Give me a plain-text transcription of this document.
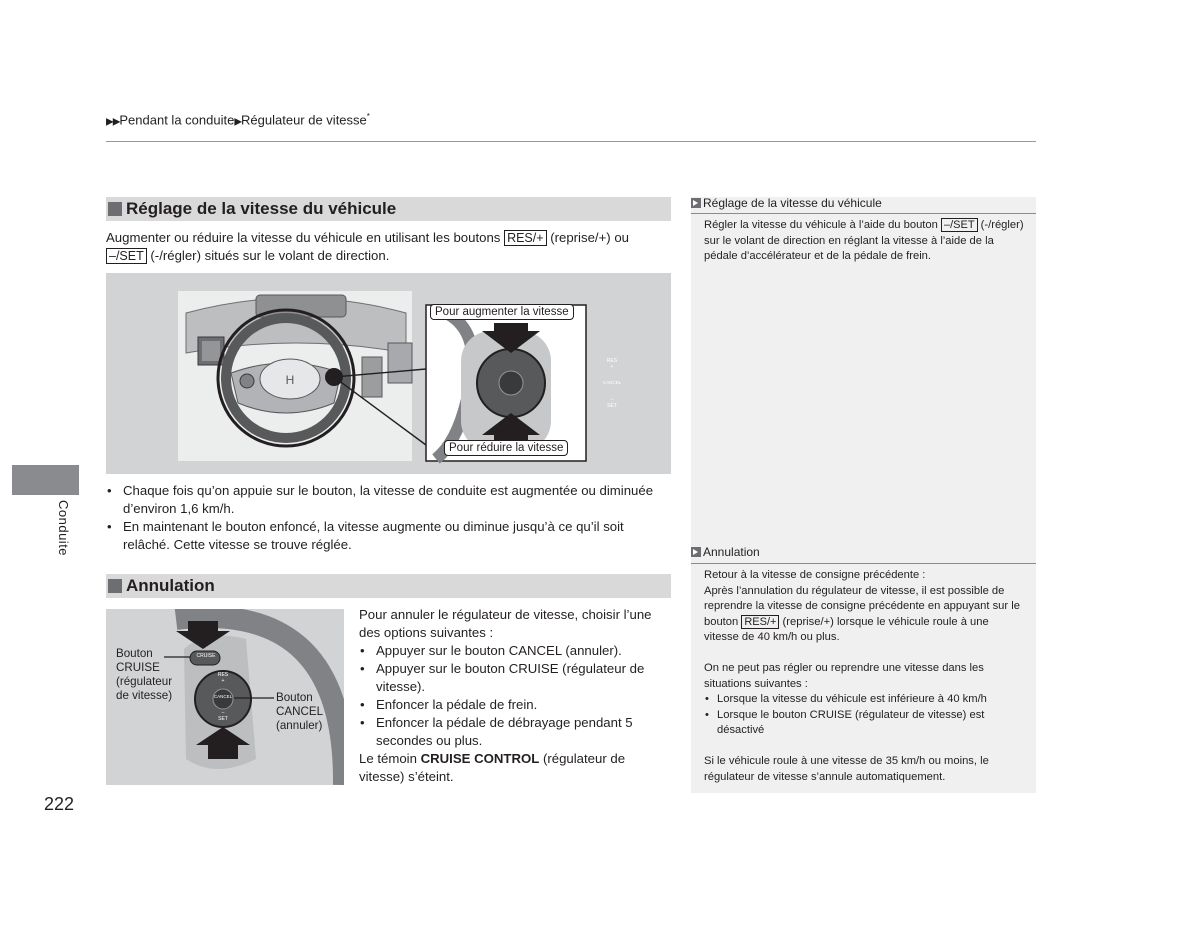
▶▶Pendant la conduite▶Régulateur de vitesse*
Conduite
222
Réglage de la vitesse du véhicule
Augmenter ou réduire la vitesse du véhicule en utilisant les boutons RES/+ (reprise/+) ou
–/SET (-/régler) situés sur le volant de direction.
H
RES
+
CANCEL
–
SET
Pour augmenter la vitesse
Pour réduire la vitesse
• Chaque fois qu’on appuie sur le bouton, la vitesse de conduite est augmentée ou diminuée d’environ 1,6 km/h.
• En maintenant le bouton enfoncé, la vitesse augmente ou diminue jusqu’à ce qu’il soit relâché. Cette vitesse se trouve réglée.
Annulation
CRUISE
RES
+
CANCEL
–
SET
Bouton CRUISE (régulateur de vitesse)	Bouton CANCEL (annuler)
Pour annuler le régulateur de vitesse, choisir l’une des options suivantes :
• Appuyer sur le bouton CANCEL (annuler).
• Appuyer sur le bouton CRUISE (régulateur de vitesse).
• Enfoncer la pédale de frein.
• Enfoncer la pédale de débrayage pendant 5 secondes ou plus.
Le témoin CRUISE CONTROL (régulateur de vitesse) s’éteint.
Réglage de la vitesse du véhicule
Régler la vitesse du véhicule à l’aide du bouton –/SET (-/régler) sur le volant de direction en réglant la vitesse à l’aide de la pédale d’accélérateur et de la pédale de frein.
Annulation
Retour à la vitesse de consigne précédente :
Après l’annulation du régulateur de vitesse, il est possible de reprendre la vitesse de consigne précédente en appuyant sur le bouton RES/+ (reprise/+) lorsque le véhicule roule à une vitesse de 40 km/h ou plus.
On ne peut pas régler ou reprendre une vitesse dans les situations suivantes :
• Lorsque la vitesse du véhicule est inférieure à 40 km/h
• Lorsque le bouton CRUISE (régulateur de vitesse) est désactivé
Si le véhicule roule à une vitesse de 35 km/h ou moins, le régulateur de vitesse s’annule automatiquement.
